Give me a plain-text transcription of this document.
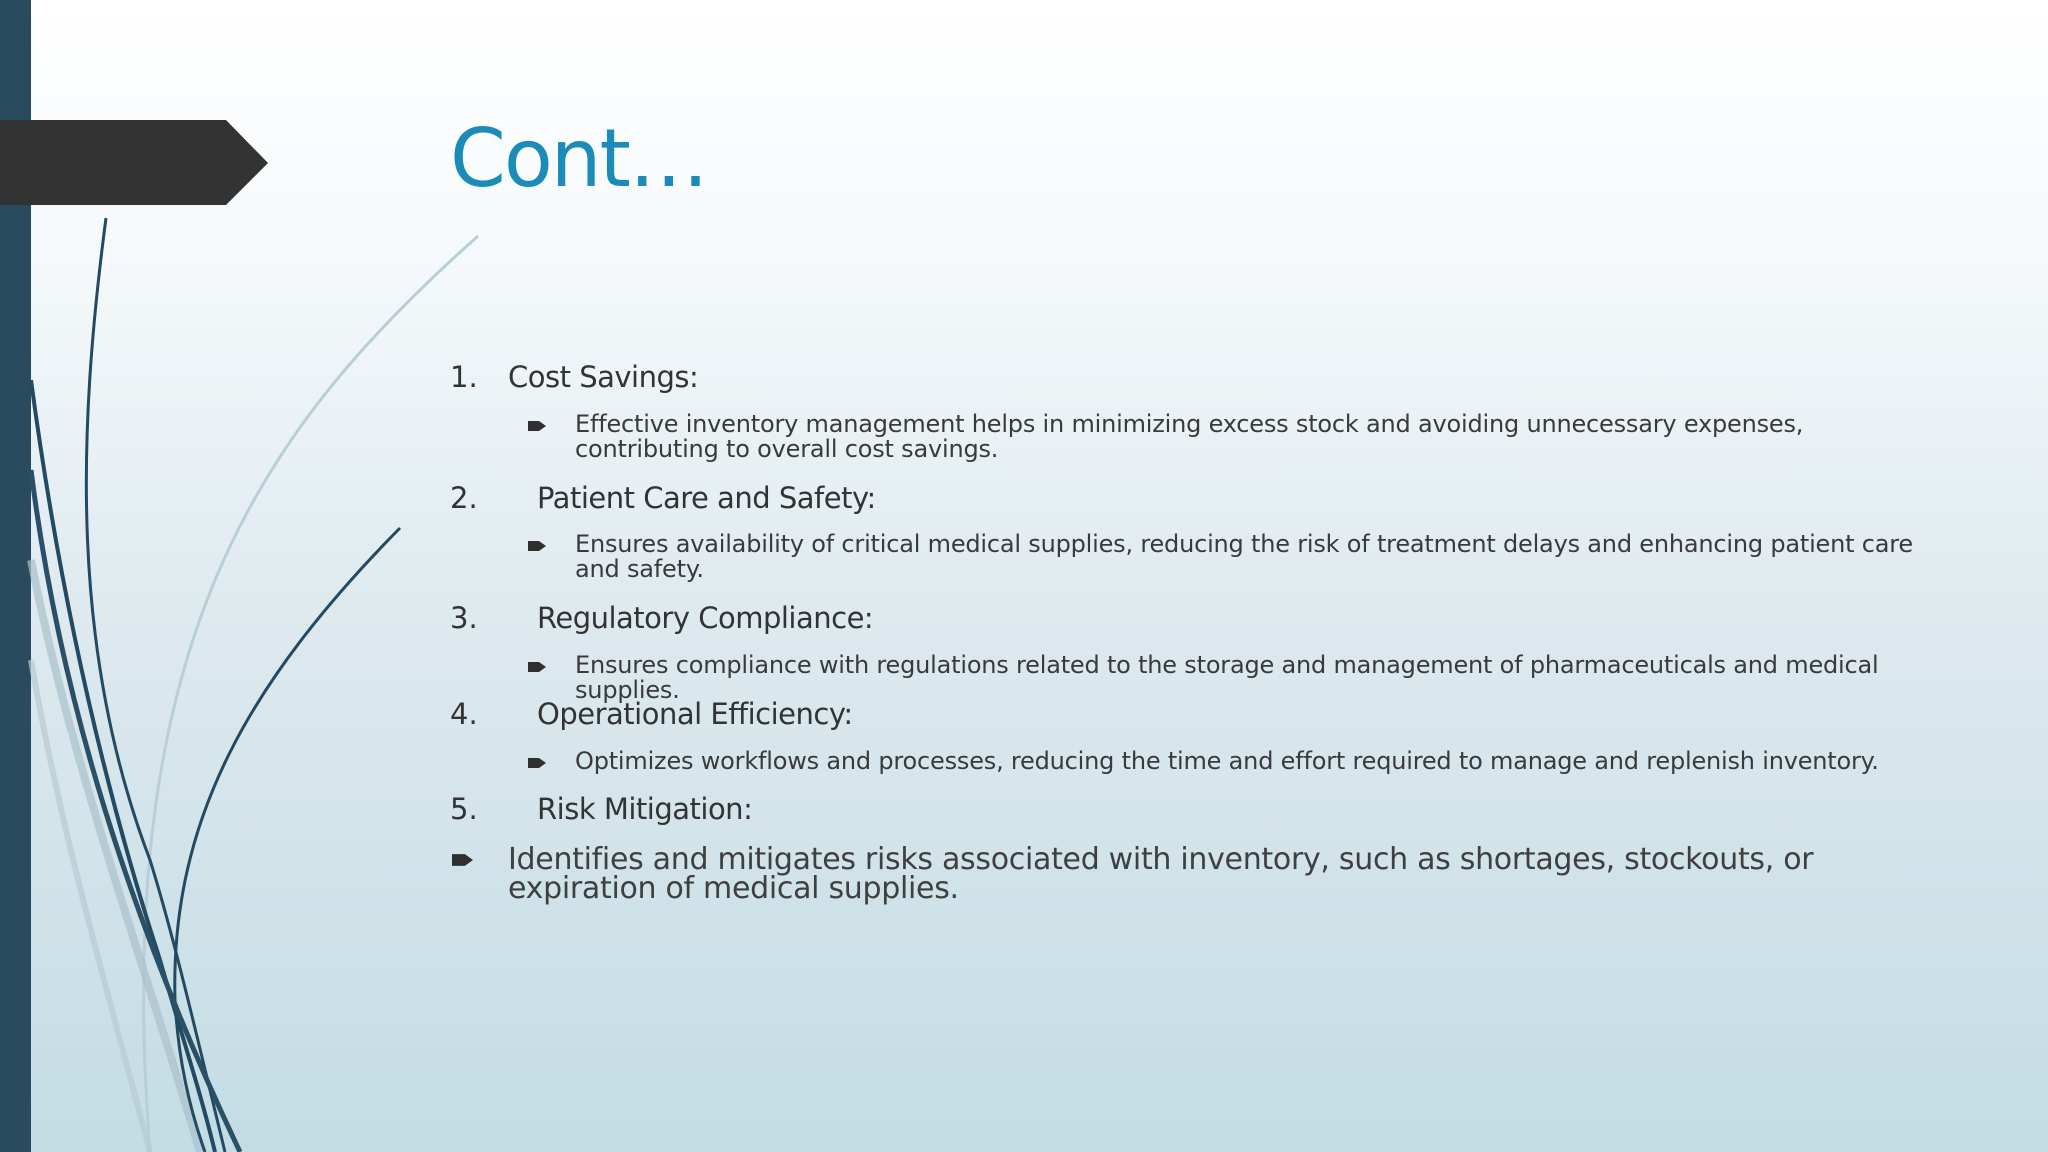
Cont…
1. Cost Savings:
Effective inventory management helps in minimizing excess stock and avoiding unnecessary expenses, contributing to overall cost savings.
2. Patient Care and Safety:
Ensures availability of critical medical supplies, reducing the risk of treatment delays and enhancing patient care and safety.
3. Regulatory Compliance:
Ensures compliance with regulations related to the storage and management of pharmaceuticals and medical supplies.
4. Operational Efficiency:
Optimizes workflows and processes, reducing the time and effort required to manage and replenish inventory.
5. Risk Mitigation:
Identifies and mitigates risks associated with inventory, such as shortages, stockouts, or expiration of medical supplies.
